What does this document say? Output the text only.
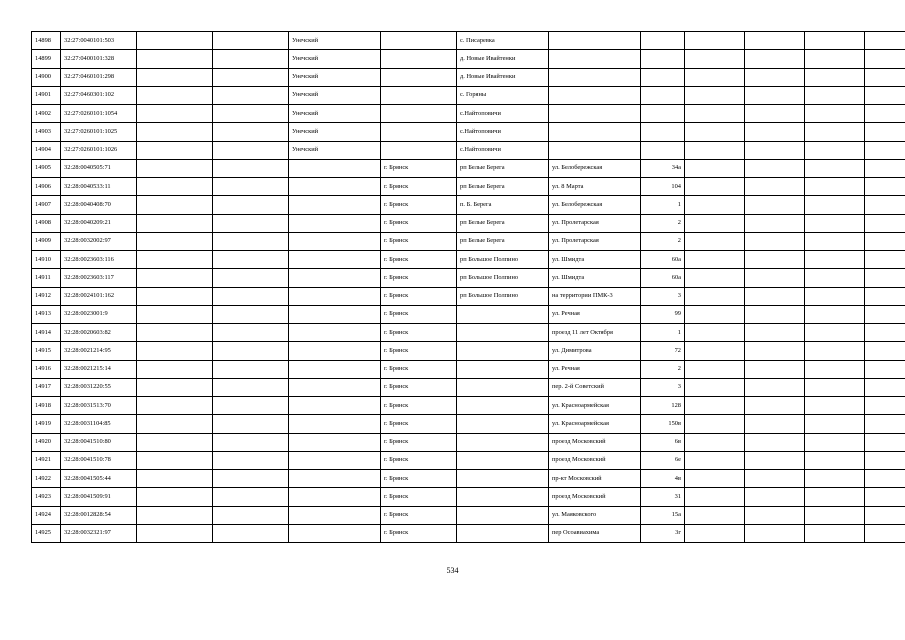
14898	32:27:0040101:503			Унечский		с. Писаревка						
14899	32:27:0400101:328			Унечский		д. Новые Ивайтенки						
14900	32:27:0460101:298			Унечский		д. Новые Ивайтенки						
14901	32:27:0460301:102			Унечский		с. Горяны						
14902	32:27:0260101:1054			Унечский		с.Найтоповичи						
14903	32:27:0260101:1025			Унечский		с.Найтоповичи						
14904	32:27:0260101:1026			Унечский		с.Найтоповичи						
14905	32:28:0040505:71				г. Брянск	рп Белые Берега	ул. Белобережская	34а				
14906	32:28:0040533:11				г. Брянск	рп Белые Берега	ул. 8 Марта	104				
14907	32:28:0040408:70				г. Брянск	п. Б. Берега	ул. Белобережская	1				
14908	32:28:0040209:21				г. Брянск	рп Белые Берега	ул. Пролетарская	2				
14909	32:28:0032002:97				г. Брянск	рп Белые Берега	ул. Пролетарская	2				
14910	32:28:0023603:116				г. Брянск	рп Большое Полпино	ул. Шмидта	60а				
14911	32:28:0023603:117				г. Брянск	рп Большое Полпино	ул. Шмидта	60а				
14912	32:28:0024101:162				г. Брянск	рп Большое Полпино	на территории ПМК-3	3				
14913	32:28:0023001:9				г. Брянск		ул. Речная	99				
14914	32:28:0020603:82				г. Брянск		проезд 11 лет Октября	1				
14915	32:28:0021214:95				г. Брянск		ул. Димитрова	72				
14916	32:28:0021215:14				г. Брянск		ул. Речная	2				
14917	32:28:0031220:55				г. Брянск		пер. 2-й Советский	3				
14918	32:28:0031513:70				г. Брянск		ул. Красноармейская	128				
14919	32:28:0031104:85				г. Брянск		ул. Красноармейская	150в				
14920	32:28:0041510:80				г. Брянск		проезд Московский	6в				
14921	32:28:0041510:78				г. Брянск		проезд Московский	6е				
14922	32:28:0041505:44				г. Брянск		пр-кт Московский	4в				
14923	32:28:0041509:91				г. Брянск		проезд Московский	31				
14924	32:28:0012828:54				г. Брянск		ул. Маяковского	15а				
14925	32:28:0032321:97				г. Брянск		пер Осоавиахима	3г				
534
